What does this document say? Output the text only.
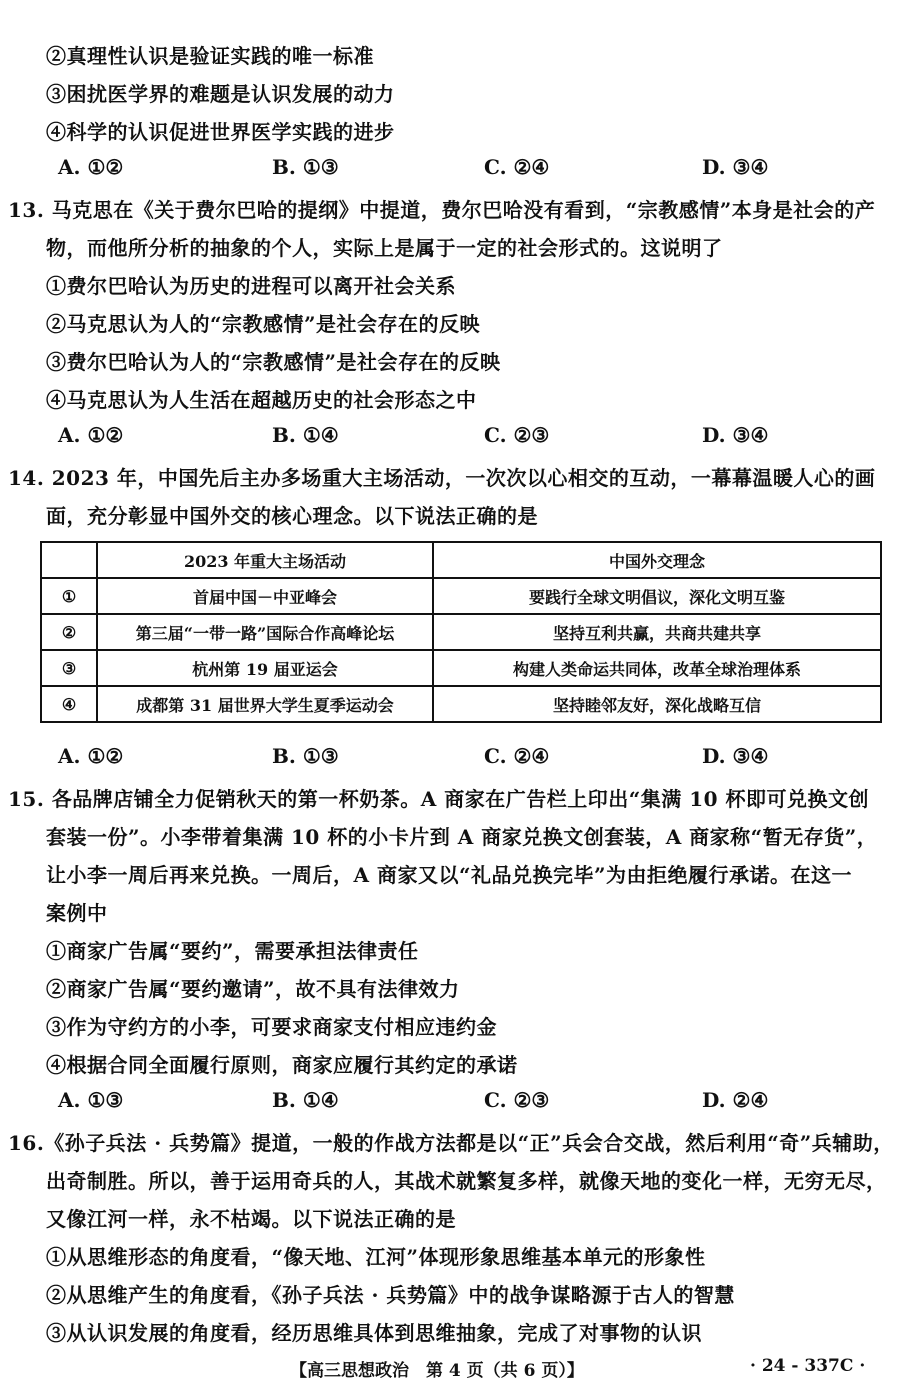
②真理性认识是验证实践的唯一标准
③困扰医学界的难题是认识发展的动力
④科学的认识促进世界医学实践的进步
A. ①②	B. ①③	C. ②④	D. ③④
13. 马克思在《关于费尔巴哈的提纲》中提道，费尔巴哈没有看到，“宗教感情”本身是社会的产
物，而他所分析的抽象的个人，实际上是属于一定的社会形式的。这说明了
①费尔巴哈认为历史的进程可以离开社会关系
②马克思认为人的“宗教感情”是社会存在的反映
③费尔巴哈认为人的“宗教感情”是社会存在的反映
④马克思认为人生活在超越历史的社会形态之中
A. ①②	B. ①④	C. ②③	D. ③④
14. 2023 年，中国先后主办多场重大主场活动，一次次以心相交的互动，一幕幕温暖人心的画
面，充分彰显中国外交的核心理念。以下说法正确的是
	2023 年重大主场活动	中国外交理念
①	首届中国－中亚峰会	要践行全球文明倡议，深化文明互鉴
②	第三届“一带一路”国际合作高峰论坛	坚持互利共赢，共商共建共享
③	杭州第 19 届亚运会	构建人类命运共同体，改革全球治理体系
④	成都第 31 届世界大学生夏季运动会	坚持睦邻友好，深化战略互信
A. ①②	B. ①③	C. ②④	D. ③④
15. 各品牌店铺全力促销秋天的第一杯奶茶。A 商家在广告栏上印出“集满 10 杯即可兑换文创
套装一份”。小李带着集满 10 杯的小卡片到 A 商家兑换文创套装，A 商家称“暂无存货”，
让小李一周后再来兑换。一周后，A 商家又以“礼品兑换完毕”为由拒绝履行承诺。在这一
案例中
①商家广告属“要约”，需要承担法律责任
②商家广告属“要约邀请”，故不具有法律效力
③作为守约方的小李，可要求商家支付相应违约金
④根据合同全面履行原则，商家应履行其约定的承诺
A. ①③	B. ①④	C. ②③	D. ②④
16.《孙子兵法 · 兵势篇》提道，一般的作战方法都是以“正”兵会合交战，然后利用“奇”兵辅助，
出奇制胜。所以，善于运用奇兵的人，其战术就繁复多样，就像天地的变化一样，无穷无尽，
又像江河一样，永不枯竭。以下说法正确的是
①从思维形态的角度看，“像天地、江河”体现形象思维基本单元的形象性
②从思维产生的角度看，《孙子兵法 · 兵势篇》中的战争谋略源于古人的智慧
③从认识发展的角度看，经历思维具体到思维抽象，完成了对事物的认识
【高三思想政治　第 4 页（共 6 页）】	· 24 - 337C ·
